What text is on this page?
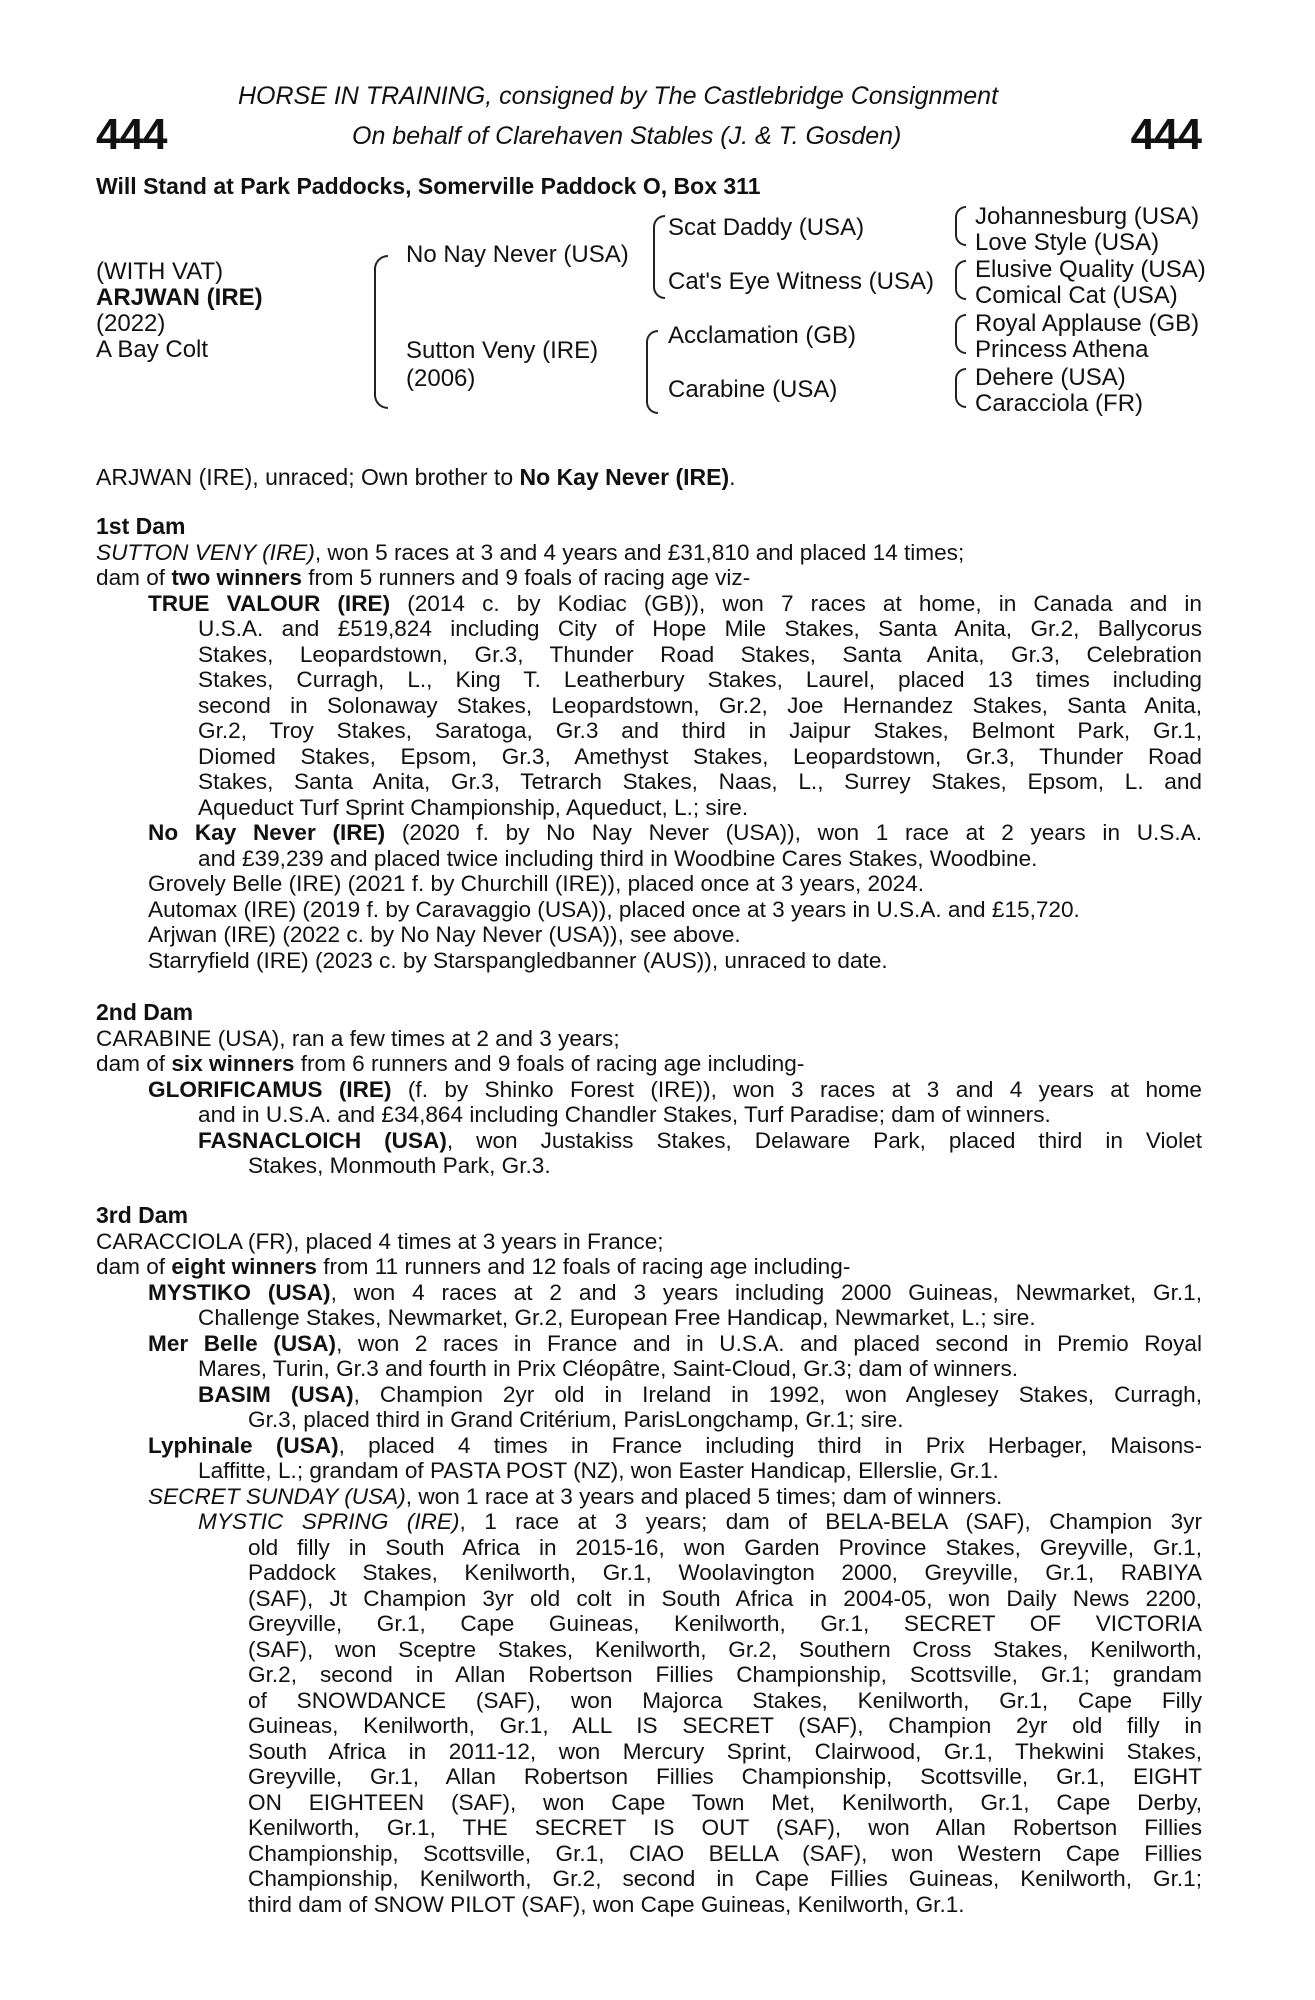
444	444
HORSE IN TRAINING, consigned by The Castlebridge Consignment
On behalf of Clarehaven Stables (J. & T. Gosden)
Will Stand at Park Paddocks, Somerville Paddock O, Box 311
(WITH VAT)
ARJWAN (IRE)
(2022)
A Bay Colt
No Nay Never (USA)
Sutton Veny (IRE)
(2006)
Scat Daddy (USA)
Cat's Eye Witness (USA)
Acclamation (GB)
Carabine (USA)
Johannesburg (USA)
Love Style (USA)
Elusive Quality (USA)
Comical Cat (USA)
Royal Applause (GB)
Princess Athena
Dehere (USA)
Caracciola (FR)
ARJWAN (IRE), unraced; Own brother to No Kay Never (IRE).
1st Dam
SUTTON VENY (IRE), won 5 races at 3 and 4 years and £31,810 and placed 14 times;
dam of two winners from 5 runners and 9 foals of racing age viz-
TRUE VALOUR (IRE) (2014 c. by Kodiac (GB)), won 7 races at home, in Canada and in
U.S.A. and £519,824 including City of Hope Mile Stakes, Santa Anita, Gr.2, Ballycorus
Stakes, Leopardstown, Gr.3, Thunder Road Stakes, Santa Anita, Gr.3, Celebration
Stakes, Curragh, L., King T. Leatherbury Stakes, Laurel, placed 13 times including
second in Solonaway Stakes, Leopardstown, Gr.2, Joe Hernandez Stakes, Santa Anita,
Gr.2, Troy Stakes, Saratoga, Gr.3 and third in Jaipur Stakes, Belmont Park, Gr.1,
Diomed Stakes, Epsom, Gr.3, Amethyst Stakes, Leopardstown, Gr.3, Thunder Road
Stakes, Santa Anita, Gr.3, Tetrarch Stakes, Naas, L., Surrey Stakes, Epsom, L. and
Aqueduct Turf Sprint Championship, Aqueduct, L.; sire.
No Kay Never (IRE) (2020 f. by No Nay Never (USA)), won 1 race at 2 years in U.S.A.
and £39,239 and placed twice including third in Woodbine Cares Stakes, Woodbine.
Grovely Belle (IRE) (2021 f. by Churchill (IRE)), placed once at 3 years, 2024.
Automax (IRE) (2019 f. by Caravaggio (USA)), placed once at 3 years in U.S.A. and £15,720.
Arjwan (IRE) (2022 c. by No Nay Never (USA)), see above.
Starryfield (IRE) (2023 c. by Starspangledbanner (AUS)), unraced to date.
2nd Dam
CARABINE (USA), ran a few times at 2 and 3 years;
dam of six winners from 6 runners and 9 foals of racing age including-
GLORIFICAMUS (IRE) (f. by Shinko Forest (IRE)), won 3 races at 3 and 4 years at home
and in U.S.A. and £34,864 including Chandler Stakes, Turf Paradise; dam of winners.
FASNACLOICH (USA), won Justakiss Stakes, Delaware Park, placed third in Violet
Stakes, Monmouth Park, Gr.3.
3rd Dam
CARACCIOLA (FR), placed 4 times at 3 years in France;
dam of eight winners from 11 runners and 12 foals of racing age including-
MYSTIKO (USA), won 4 races at 2 and 3 years including 2000 Guineas, Newmarket, Gr.1,
Challenge Stakes, Newmarket, Gr.2, European Free Handicap, Newmarket, L.; sire.
Mer Belle (USA), won 2 races in France and in U.S.A. and placed second in Premio Royal
Mares, Turin, Gr.3 and fourth in Prix Cléopâtre, Saint-Cloud, Gr.3; dam of winners.
BASIM (USA), Champion 2yr old in Ireland in 1992, won Anglesey Stakes, Curragh,
Gr.3, placed third in Grand Critérium, ParisLongchamp, Gr.1; sire.
Lyphinale (USA), placed 4 times in France including third in Prix Herbager, Maisons-
Laffitte, L.; grandam of PASTA POST (NZ), won Easter Handicap, Ellerslie, Gr.1.
SECRET SUNDAY (USA), won 1 race at 3 years and placed 5 times; dam of winners.
MYSTIC SPRING (IRE), 1 race at 3 years; dam of BELA-BELA (SAF), Champion 3yr
old filly in South Africa in 2015-16, won Garden Province Stakes, Greyville, Gr.1,
Paddock Stakes, Kenilworth, Gr.1, Woolavington 2000, Greyville, Gr.1, RABIYA
(SAF), Jt Champion 3yr old colt in South Africa in 2004-05, won Daily News 2200,
Greyville, Gr.1, Cape Guineas, Kenilworth, Gr.1, SECRET OF VICTORIA
(SAF), won Sceptre Stakes, Kenilworth, Gr.2, Southern Cross Stakes, Kenilworth,
Gr.2, second in Allan Robertson Fillies Championship, Scottsville, Gr.1; grandam
of SNOWDANCE (SAF), won Majorca Stakes, Kenilworth, Gr.1, Cape Filly
Guineas, Kenilworth, Gr.1, ALL IS SECRET (SAF), Champion 2yr old filly in
South Africa in 2011-12, won Mercury Sprint, Clairwood, Gr.1, Thekwini Stakes,
Greyville, Gr.1, Allan Robertson Fillies Championship, Scottsville, Gr.1, EIGHT
ON EIGHTEEN (SAF), won Cape Town Met, Kenilworth, Gr.1, Cape Derby,
Kenilworth, Gr.1, THE SECRET IS OUT (SAF), won Allan Robertson Fillies
Championship, Scottsville, Gr.1, CIAO BELLA (SAF), won Western Cape Fillies
Championship, Kenilworth, Gr.2, second in Cape Fillies Guineas, Kenilworth, Gr.1;
third dam of SNOW PILOT (SAF), won Cape Guineas, Kenilworth, Gr.1.
